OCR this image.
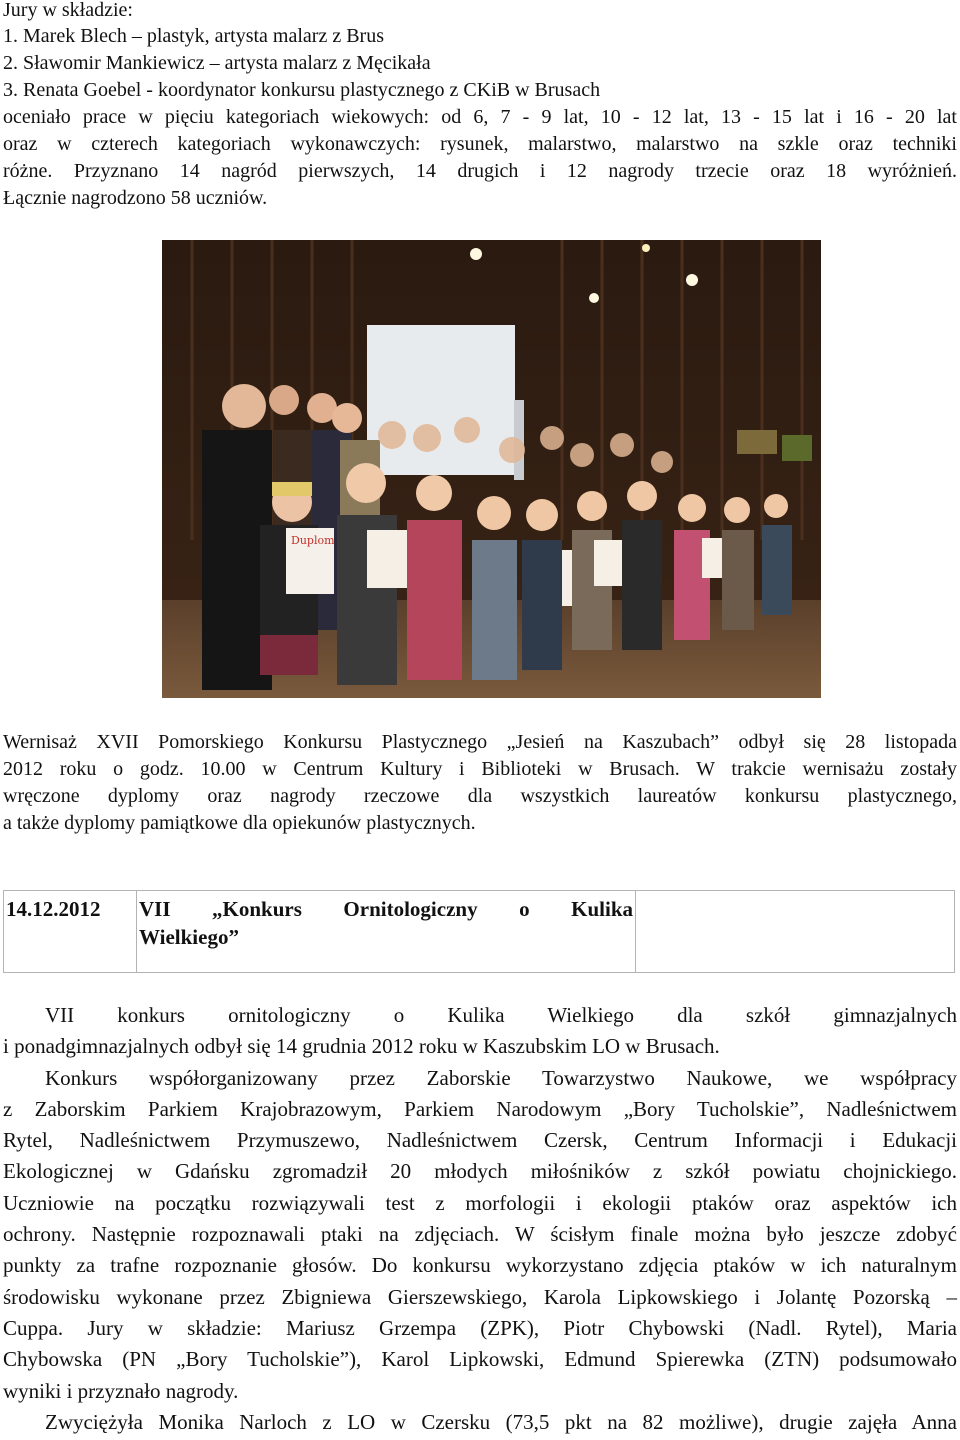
Jury w składzie:
1. Marek Blech – plastyk, artysta malarz z Brus
2. Sławomir Mankiewicz – artysta malarz z Męcikała
3. Renata Goebel - koordynator konkursu plastycznego z CKiB w Brusach
oceniało prace w pięciu kategoriach wiekowych: od 6, 7 - 9 lat, 10 - 12 lat, 13 - 15 lat i 16 - 20 lat
oraz w czterech kategoriach wykonawczych: rysunek, malarstwo, malarstwo na szkle oraz techniki
różne. Przyznano 14 nagród pierwszych, 14 drugich i 12 nagrody trzecie oraz 18 wyróżnień.
Łącznie nagrodzono 58 uczniów.
Duplom
Wernisaż XVII Pomorskiego Konkursu Plastycznego „Jesień na Kaszubach” odbył się 28 listopada
2012 roku o godz. 10.00 w Centrum Kultury i Biblioteki w Brusach. W trakcie wernisażu zostały
wręczone dyplomy oraz nagrody rzeczowe dla wszystkich laureatów konkursu plastycznego,
a także dyplomy pamiątkowe dla opiekunów plastycznych.
14.12.2012	VII „Konkurs Ornitologiczny o Kulika
Wielkiego”

VII konkurs ornitologiczny o Kulika Wielkiego dla szkół gimnazjalnych
i ponadgimnazjalnych odbył się 14 grudnia 2012 roku w Kaszubskim LO w Brusach.
Konkurs współorganizowany przez Zaborskie Towarzystwo Naukowe, we współpracy
z Zaborskim Parkiem Krajobrazowym, Parkiem Narodowym „Bory Tucholskie”, Nadleśnictwem
Rytel, Nadleśnictwem Przymuszewo, Nadleśnictwem Czersk, Centrum Informacji i Edukacji
Ekologicznej w Gdańsku zgromadził 20 młodych miłośników z szkół powiatu chojnickiego.
Uczniowie na początku rozwiązywali test z morfologii i ekologii ptaków oraz aspektów ich
ochrony. Następnie rozpoznawali ptaki na zdjęciach. W ścisłym finale można było jeszcze zdobyć
punkty za trafne rozpoznanie głosów. Do konkursu wykorzystano zdjęcia ptaków w ich naturalnym
środowisku wykonane przez Zbigniewa Gierszewskiego, Karola Lipkowskiego i Jolantę Pozorską –
Cuppa. Jury w składzie: Mariusz Grzempa (ZPK), Piotr Chybowski (Nadl. Rytel), Maria
Chybowska (PN „Bory Tucholskie”), Karol Lipkowski, Edmund Spierewka (ZTN) podsumowało
wyniki i przyznało nagrody.
Zwyciężyła Monika Narloch z LO w Czersku (73,5 pkt na 82 możliwe), drugie zajęła Anna
